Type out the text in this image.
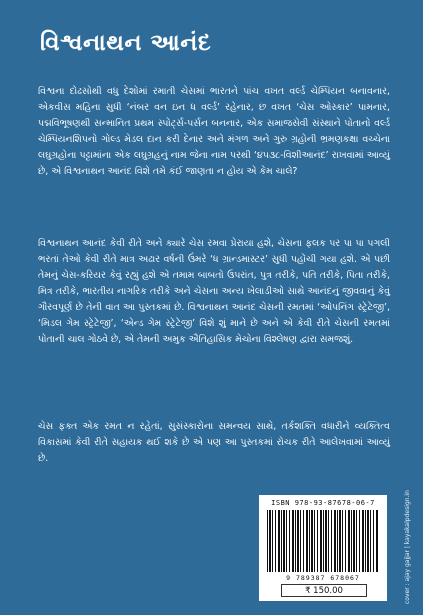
વિશ્વનાથન આનંદ

વિશ્વના દોઢસોથી વધુ દેશોમાં રમાતી ચેસમાં ભારતને પાંચ વખત વર્લ્ડ ચેમ્પિયન બનાવનાર, એકવીસ મહિના સુધી ‘નંબર વન ઇન ધ વર્લ્ડ’ રહેનાર, છ વખત ‘ચેસ ઓસ્કાર’ પામનાર, પદ્મવિભૂષણથી સન્માનિત પ્રથમ સ્પોર્ટ્સ-પર્સન બનનાર, એક સમાજસેવી સંસ્થાને પોતાનો વર્લ્ડ ચેમ્પિયનશિપનો ગોલ્ડ મેડલ દાન કરી દેનાર અને મંગળ અને ગુરુ ગ્રહોની ભ્રમણકક્ષા વચ્ચેના લઘુગ્રહોના પટ્ટામાંના એક લઘુગ્રહનું નામ જેના નામ પરથી ‘૪૫૩૮-વિશીઆનંદ’ રાખવામાં આવ્યું છે, એ વિશ્વનાથન આનંદ વિશે તમે કંઈ જાણતા ન હોય એ કેમ ચાલે?

વિશ્વનાથન આનંદ કેવી રીતે અને ક્યારે ચેસ રમવા પ્રેરાયા હશે, ચેસના ફલક પર પા પા પગલી ભરતાં તેઓ કેવી રીતે માત્ર અઢાર વર્ષની ઉંમરે ‘ધ ગ્રાન્ડમાસ્ટર’ સુધી પહોંચી ગયા હશે. એ પછી તેમનું ચેસ-કરિયર કેવું રહ્યું હશે એ તમામ બાબતો ઉપરાંત, પુત્ર તરીકે, પતિ તરીકે, પિતા તરીકે, મિત્ર તરીકે, ભારતીય નાગરિક તરીકે અને ચેસના અન્ય ખેલાડીઓ સાથે આનંદનું જીવવાનું કેવું ગૌરવપૂર્ણ છે તેની વાત આ પુસ્તકમાં છે. વિશ્વનાથન આનંદ ચેસની રમતમાં ‘ઓપનિંગ સ્ટ્રેટેજી’, ‘મિડલ ગેમ સ્ટ્રેટેજી’, ‘એન્ડ ગેમ સ્ટ્રેટેજી’ વિશે શું માને છે અને એ કેવી રીતે ચેસની રમતમાં પોતાની ચાલ ગોઠવે છે, એ તેમની અમુક ઐતિહાસિક મેચોના વિશ્લેષણ દ્વારા સમજશું.

ચેસ ફક્ત એક રમત ન રહેતાં, સુસંસ્કારોના સમન્વય સાથે, તર્કશક્તિ વધારીને વ્યક્તિત્વ વિકાસમાં કેવી રીતે સહાયક થઈ શકે છે એ પણ આ પુસ્તકમાં રોચક રીતે આલેખવામાં આવ્યું છે.

ISBN 978-93-87678-06-7
9 789387 678067
₹ 150.00	cover : ajay gajjar | kayakalpdesign.in
